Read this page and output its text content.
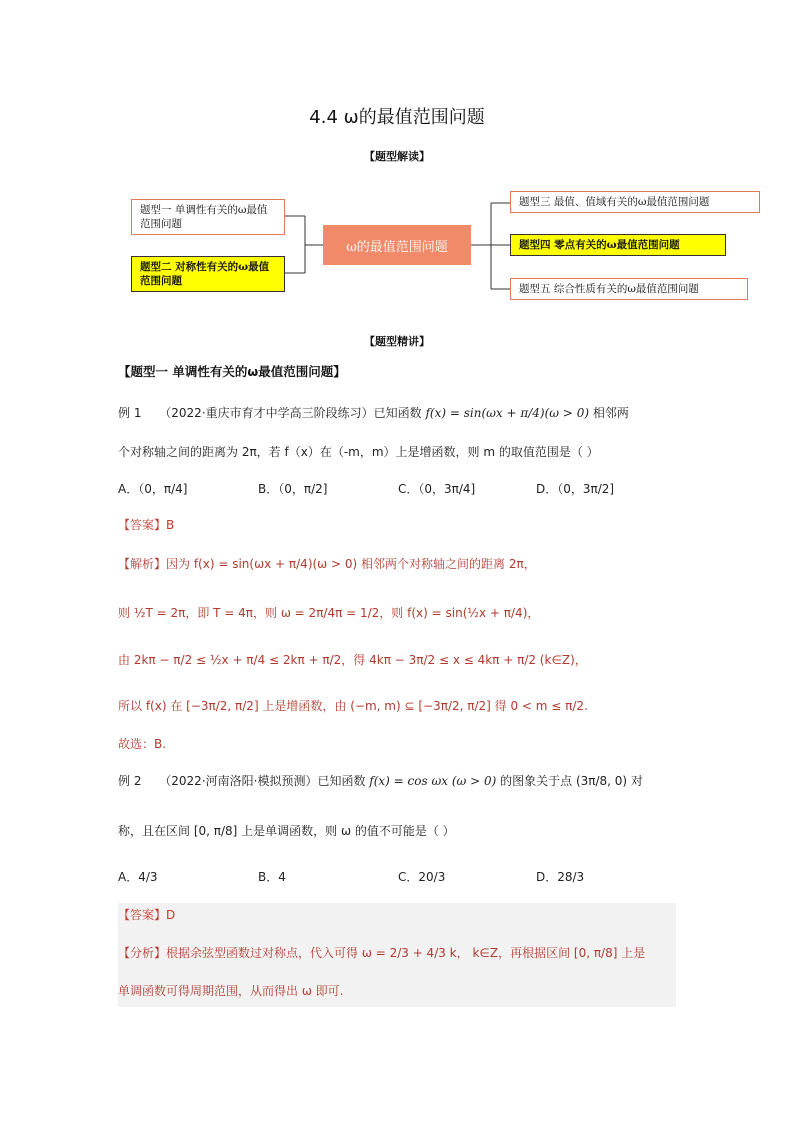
4.4 ω的最值范围问题
【题型解读】
题型一 单调性有关的ω最值范围问题
题型二 对称性有关的ω最值范围问题
ω的最值范围问题
题型三 最值、值域有关的ω最值范围问题
题型四 零点有关的ω最值范围问题
题型五 综合性质有关的ω最值范围问题
【题型精讲】
【题型一 单调性有关的ω最值范围问题】
例 1 （2022·重庆市育才中学高三阶段练习）已知函数 f(x) = sin(ωx + π/4)(ω > 0) 相邻两
个对称轴之间的距离为 2π，若 f（x）在（-m，m）上是增函数，则 m 的取值范围是（ ）
A．（0，π/4]	B．（0，π/2]	C．（0，3π/4]	D．（0，3π/2]
【答案】B
【解析】因为 f(x) = sin(ωx + π/4)(ω > 0) 相邻两个对称轴之间的距离 2π，
则 ½T = 2π，即 T = 4π，则 ω = 2π/4π = 1/2，则 f(x) = sin(½x + π/4)，
由 2kπ − π/2 ≤ ½x + π/4 ≤ 2kπ + π/2，得 4kπ − 3π/2 ≤ x ≤ 4kπ + π/2 (k∈Z)，
所以 f(x) 在 [−3π/2, π/2] 上是增函数，由 (−m, m) ⊆ [−3π/2, π/2] 得 0 < m ≤ π/2.
故选：B.
例 2 （2022·河南洛阳·模拟预测）已知函数 f(x) = cos ωx (ω > 0) 的图象关于点 (3π/8, 0) 对
称，且在区间 [0, π/8] 上是单调函数，则 ω 的值不可能是（ ）
A．4/3	B．4	C．20/3	D．28/3
【答案】D
【分析】根据余弦型函数过对称点，代入可得 ω = 2/3 + 4/3 k， k∈Z，再根据区间 [0, π/8] 上是
单调函数可得周期范围，从而得出 ω 即可.
